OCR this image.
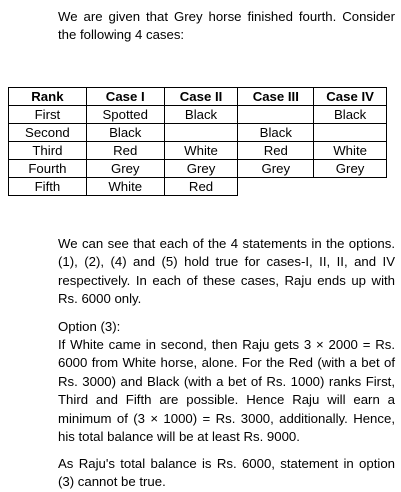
We are given that Grey horse finished fourth. Consider the following 4 cases:

Rank	Case I	Case II	Case III	Case IV
First	Spotted	Black		Black
Second	Black		Black	
Third	Red	White	Red	White
Fourth	Grey	Grey	Grey	Grey
Fifth	White	Red		

We can see that each of the 4 statements in the options. (1), (2), (4) and (5) hold true for cases-I, II, II, and IV respectively. In each of these cases, Raju ends up with Rs. 6000 only.

Option (3):

If White came in second, then Raju gets 3 × 2000 = Rs. 6000 from White horse, alone. For the Red (with a bet of Rs. 3000) and Black (with a bet of Rs. 1000) ranks First, Third and Fifth are possible. Hence Raju will earn a minimum of (3 × 1000) = Rs. 3000, additionally. Hence, his total balance will be at least Rs. 9000.

As Raju's total balance is Rs. 6000, statement in option (3) cannot be true.
